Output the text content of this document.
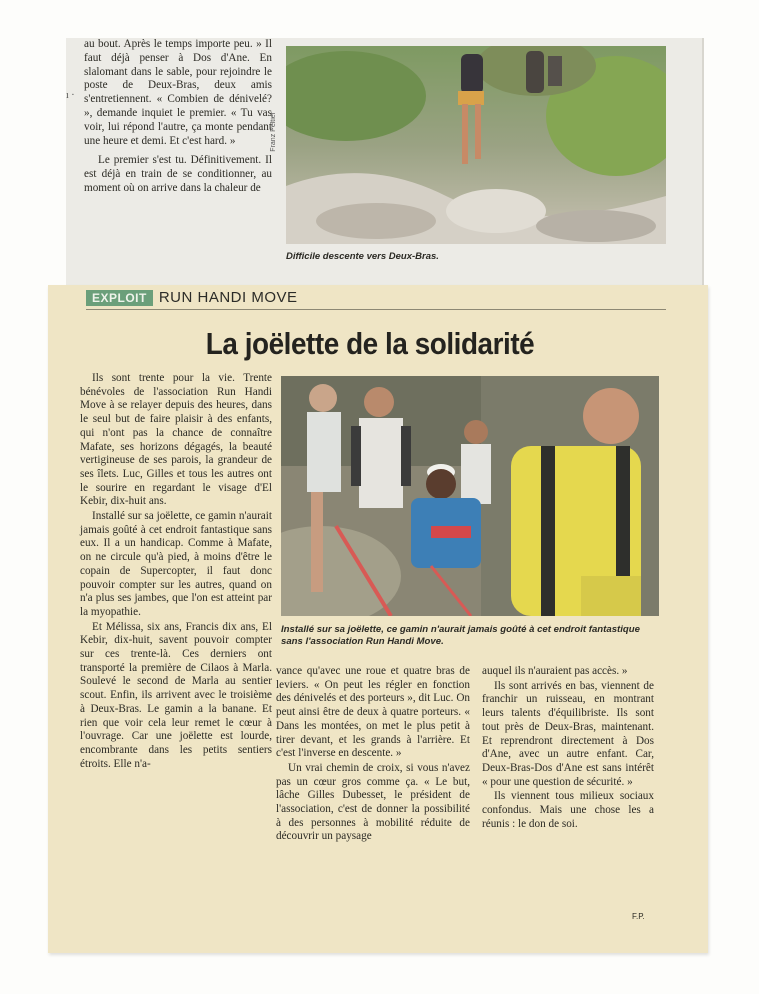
ı ·

au bout. Après le temps importe peu. » Il faut déjà penser à Dos d'Ane. En slalomant dans le sable, pour rejoindre le poste de Deux-Bras, deux amis s'entretiennent. « Combien de dénivelé? », demande inquiet le premier. « Tu vas voir, lui répond l'autre, ça monte pendant une heure et demi. Et c'est hard. »

Le premier s'est tu. Définitivement. Il est déjà en train de se conditionner, au moment où on arrive dans la chaleur de

Franz Peltier
Difficile descente vers Deux-Bras.
EXPLOIT RUN HANDI MOVE
La joëlette de la solidarité

Ils sont trente pour la vie. Trente bénévoles de l'association Run Handi Move à se relayer depuis des heures, dans le seul but de faire plaisir à des enfants, qui n'ont pas la chance de connaître Mafate, ses horizons dégagés, la beauté vertigineuse de ses parois, la grandeur de ses îlets. Luc, Gilles et tous les autres ont le sourire en regardant le visage d'El Kebir, dix-huit ans.

Installé sur sa joëlette, ce gamin n'aurait jamais goûté à cet endroit fantastique sans eux. Il a un handicap. Comme à Mafate, on ne circule qu'à pied, à moins d'être le copain de Supercopter, il faut donc pouvoir compter sur les autres, quand on n'a plus ses jambes, que l'on est atteint par la myopathie.

Et Mélissa, six ans, Francis dix ans, El Kebir, dix-huit, savent pouvoir compter sur ces trente-là. Ces derniers ont transporté la première de Cilaos à Marla. Soulevé le second de Marla au sentier scout. Enfin, ils arrivent avec le troisième à Deux-Bras. Le gamin a la banane. Et rien que voir cela leur remet le cœur à l'ouvrage. Car une joëlette est lourde, encombrante dans les petits sentiers étroits. Elle n'a-

Installé sur sa joëlette, ce gamin n'aurait jamais goûté à cet endroit fantastique sans l'association Run Handi Move.

vance qu'avec une roue et quatre bras de leviers. « On peut les régler en fonction des dénivelés et des porteurs », dit Luc. On peut ainsi être de deux à quatre porteurs. « Dans les montées, on met le plus petit à tirer devant, et les grands à l'arrière. Et c'est l'inverse en descente. »

Un vrai chemin de croix, si vous n'avez pas un cœur gros comme ça. « Le but, lâche Gilles Dubesset, le président de l'association, c'est de donner la possibilité à des personnes à mobilité réduite de découvrir un paysage

auquel ils n'auraient pas accès. »

Ils sont arrivés en bas, viennent de franchir un ruisseau, en montrant leurs talents d'équilibriste. Ils sont tout près de Deux-Bras, maintenant. Et reprendront directement à Dos d'Ane, avec un autre enfant. Car, Deux-Bras-Dos d'Ane est sans intérêt « pour une question de sécurité. »

Ils viennent tous milieux sociaux confondus. Mais une chose les a réunis : le don de soi.

F.P.
